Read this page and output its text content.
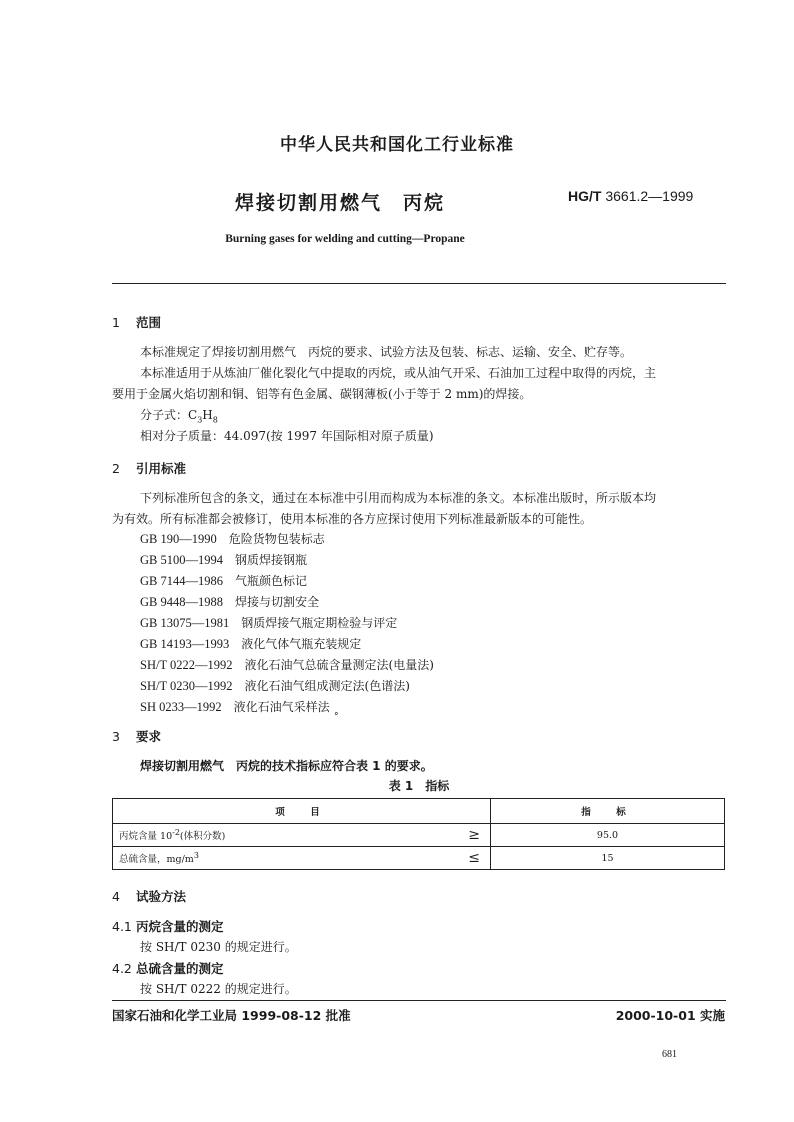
中华人民共和国化工行业标准
焊接切割用燃气　丙烷	HG/T 3661.2—1999
Burning gases for welding and cutting—Propane
1 范围
本标准规定了焊接切割用燃气　丙烷的要求、试验方法及包装、标志、运输、安全、贮存等。
本标准适用于从炼油厂催化裂化气中提取的丙烷，或从油气开采、石油加工过程中取得的丙烷，主
要用于金属火焰切割和铜、铝等有色金属、碳钢薄板(小于等于 2 mm)的焊接。
分子式：$C_3H_8$
相对分子质量：44.097(按 1997 年国际相对原子质量)
2 引用标准
下列标准所包含的条文，通过在本标准中引用而构成为本标准的条文。本标准出版时，所示版本均
为有效。所有标准都会被修订，使用本标准的各方应探讨使用下列标准最新版本的可能性。
GB 190—1990　 危险货物包装标志
GB 5100—1994　 钢质焊接钢瓶
GB 7144—1986　 气瓶颜色标记
GB 9448—1988　 焊接与切割安全
GB 13075—1981　 钢质焊接气瓶定期检验与评定
GB 14193—1993　 液化气体气瓶充装规定
SH/T 0222—1992　 液化石油气总硫含量测定法(电量法)
SH/T 0230—1992　 液化石油气组成测定法(色谱法)
SH 0233—1992　 液化石油气采样法
°
3 要求
焊接切割用燃气　丙烷的技术指标应符合表 1 的要求。
表 1　指标
项　目		指　标
丙烷含量 $10^{-2}$(体积分数)	≥	95.0
总硫含量，$mg/m^3$	≤	15
4 试验方法
4.1 丙烷含量的测定
按 SH/T 0230 的规定进行。
4.2 总硫含量的测定
按 SH/T 0222 的规定进行。
国家石油和化学工业局 1999-08-12 批准	2000-10-01 实施
681
